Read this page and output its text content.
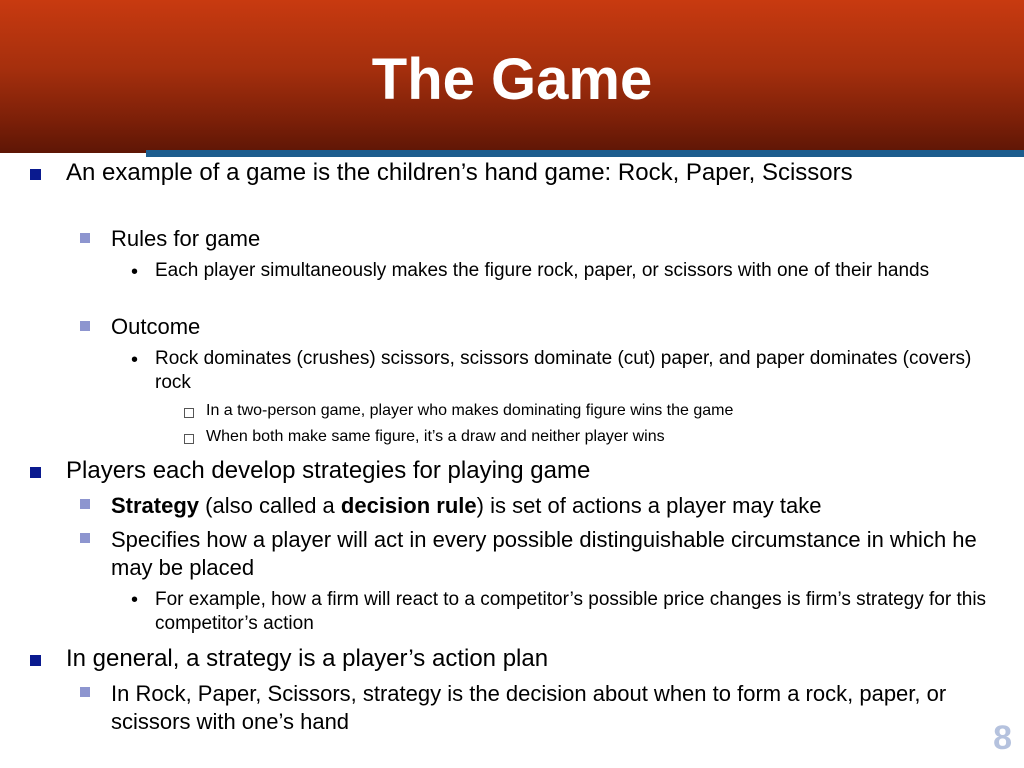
The Game
An example of a game is the children’s hand game: Rock, Paper, Scissors
Rules for game
• Each player simultaneously makes the figure rock, paper, or scissors with one of their hands
Outcome
• Rock dominates (crushes) scissors, scissors dominate (cut) paper, and paper dominates (covers) rock
In a two-person game, player who makes dominating figure wins the game
When both make same figure, it’s a draw and neither player wins
Players each develop strategies for playing game
Strategy (also called a decision rule) is set of actions a player may take
Specifies how a player will act in every possible distinguishable circumstance in which he may be placed
• For example, how a firm will react to a competitor’s possible price changes is firm’s strategy for this competitor’s action
In general, a strategy is a player’s action plan
In Rock, Paper, Scissors, strategy is the decision about when to form a rock, paper, or scissors with one’s hand	8
